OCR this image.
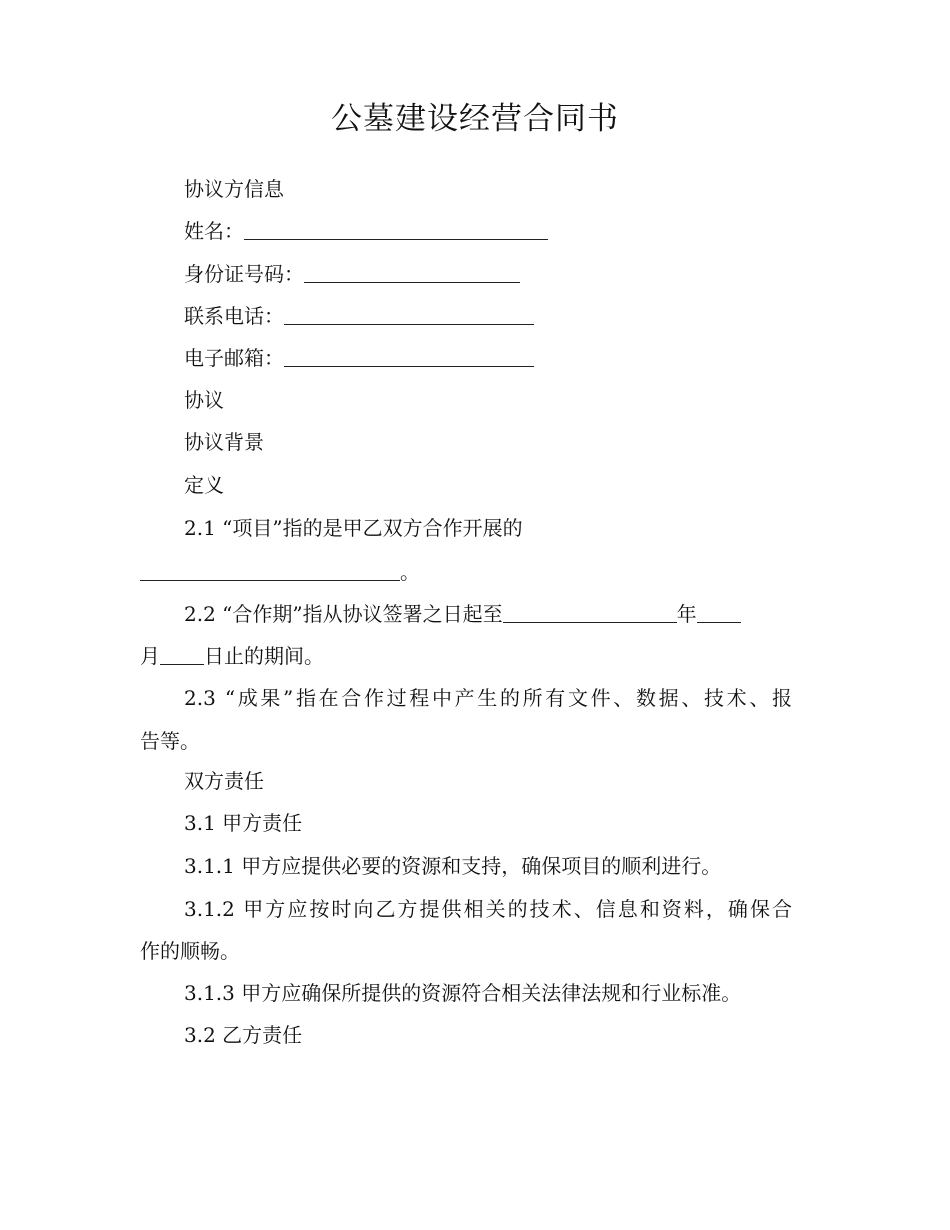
公墓建设经营合同书
协议方信息
姓名：
身份证号码：
联系电话：
电子邮箱：
协议
协议背景
定义
2.1 “项目”指的是甲乙双方合作开展的
。
2.2 “合作期”指从协议签署之日起至	年
月 日止的期间。
2.3 “成果”指在合作过程中产生的所有文件、数据、技术、报
告等。
双方责任
3.1 甲方责任
3.1.1 甲方应提供必要的资源和支持，确保项目的顺利进行。
3.1.2 甲方应按时向乙方提供相关的技术、信息和资料，确保合
作的顺畅。
3.1.3 甲方应确保所提供的资源符合相关法律法规和行业标准。
3.2 乙方责任
